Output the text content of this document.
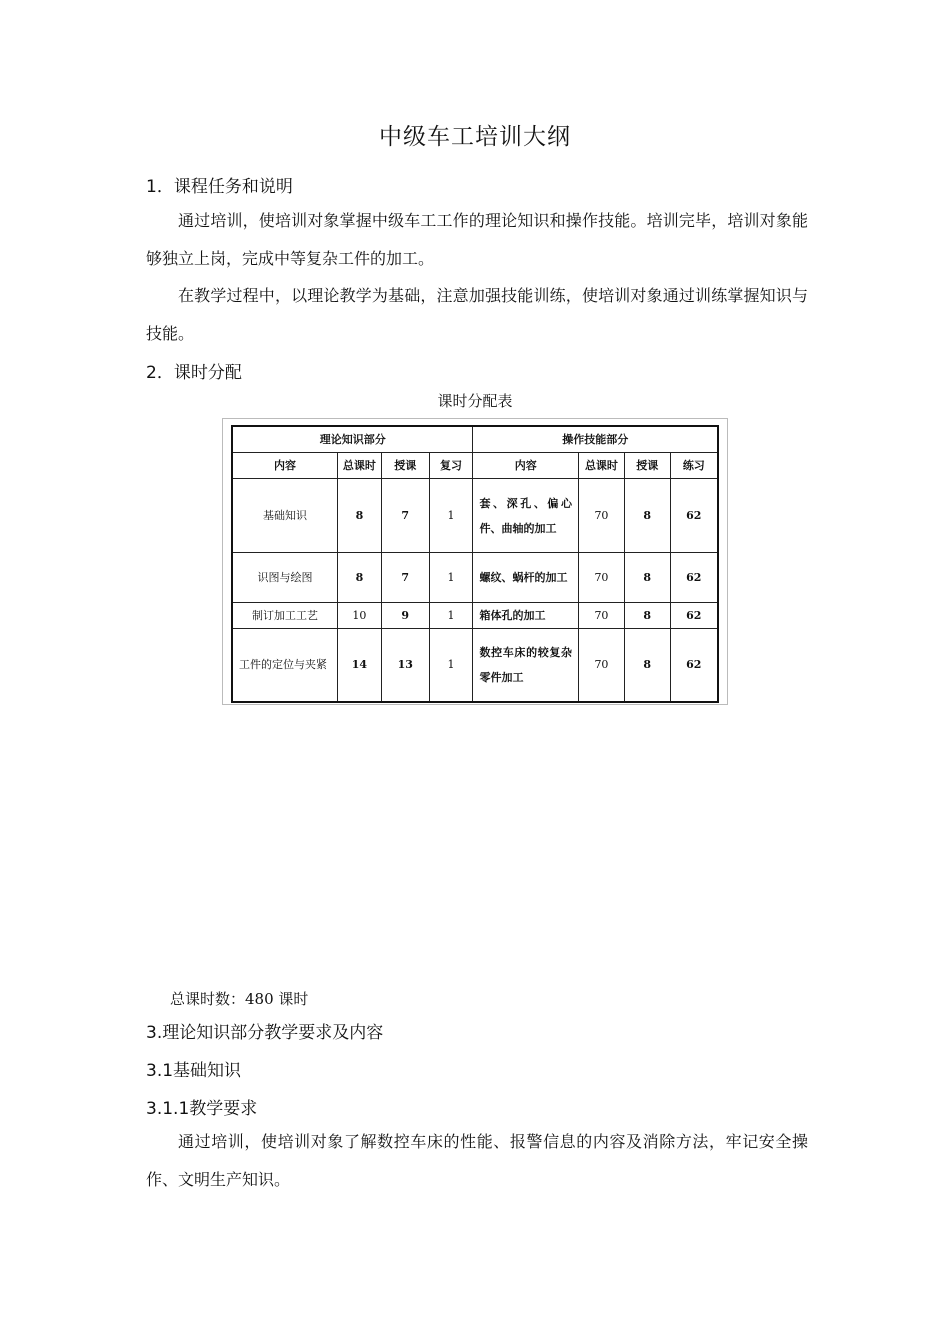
中级车工培训大纲
1．课程任务和说明
通过培训，使培训对象掌握中级车工工作的理论知识和操作技能。培训完毕，培训对象能够独立上岗，完成中等复杂工件的加工。
在教学过程中，以理论教学为基础，注意加强技能训练，使培训对象通过训练掌握知识与技能。
2．课时分配
课时分配表
理论知识部分				操作技能部分			
内容	总课时	授课	复习	内容	总课时	授课	练习
基础知识	8	7	1	套、深孔、偏心件、曲轴的加工	70	8	62
识图与绘图	8	7	1	螺纹、蜗杆的加工	70	8	62
制订加工工艺	10	9	1	箱体孔的加工	70	8	62
工件的定位与夹紧	14	13	1	数控车床的较复杂零件加工	70	8	62
总课时数：480 课时
3.理论知识部分教学要求及内容
3.1基础知识
3.1.1教学要求
通过培训，使培训对象了解数控车床的性能、报警信息的内容及消除方法，牢记安全操作、文明生产知识。
